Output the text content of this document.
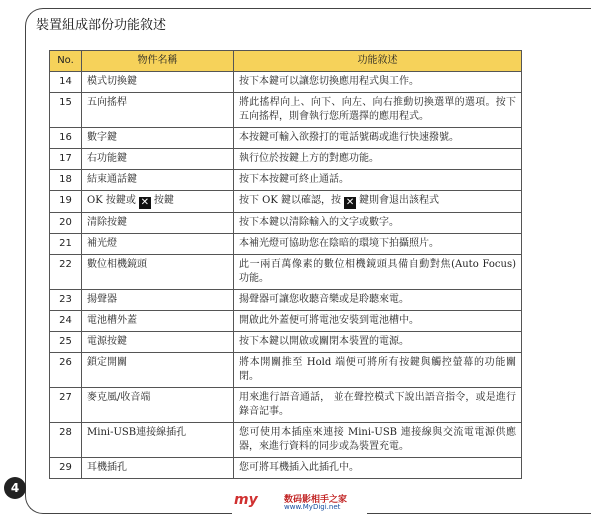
裝置組成部份功能敘述
No.	物件名稱	功能敘述
14	模式切換鍵	按下本鍵可以讓您切換應用程式與工作。
15	五向搖桿	將此搖桿向上、向下、向左、向右推動切換選單的選項。按下五向搖桿，則會執行您所選擇的應用程式。
16	數字鍵	本按鍵可輸入欲撥打的電話號碼或進行快速撥號。
17	右功能鍵	執行位於按鍵上方的對應功能。
18	結束通話鍵	按下本按鍵可終止通話。
19	OK 按鍵或 ✕ 按鍵	按下 OK 鍵以確認，按 ✕ 鍵則會退出該程式
20	清除按鍵	按下本鍵以清除輸入的文字或數字。
21	補光燈	本補光燈可協助您在陰暗的環境下拍攝照片。
22	數位相機鏡頭	此一兩百萬像素的數位相機鏡頭具備自動對焦(Auto Focus) 功能。
23	揚聲器	揚聲器可讓您收聽音樂或是聆聽來電。
24	電池槽外蓋	開啟此外蓋便可將電池安裝到電池槽中。
25	電源按鍵	按下本鍵以開啟或關閉本裝置的電源。
26	鎖定開關	將本開關推至 Hold 端便可將所有按鍵與觸控螢幕的功能關閉。
27	麥克風/收音端	用來進行語音通話， 並在聲控模式下說出語音指令，或是進行錄音記事。
28	Mini-USB連接線插孔	您可使用本插座來連接 Mini-USB 連接線與交流電電源供應器，來進行資料的同步或為裝置充電。
29	耳機插孔	您可將耳機插入此插孔中。
4
my	数码影相手之家
www.MyDigi.net
